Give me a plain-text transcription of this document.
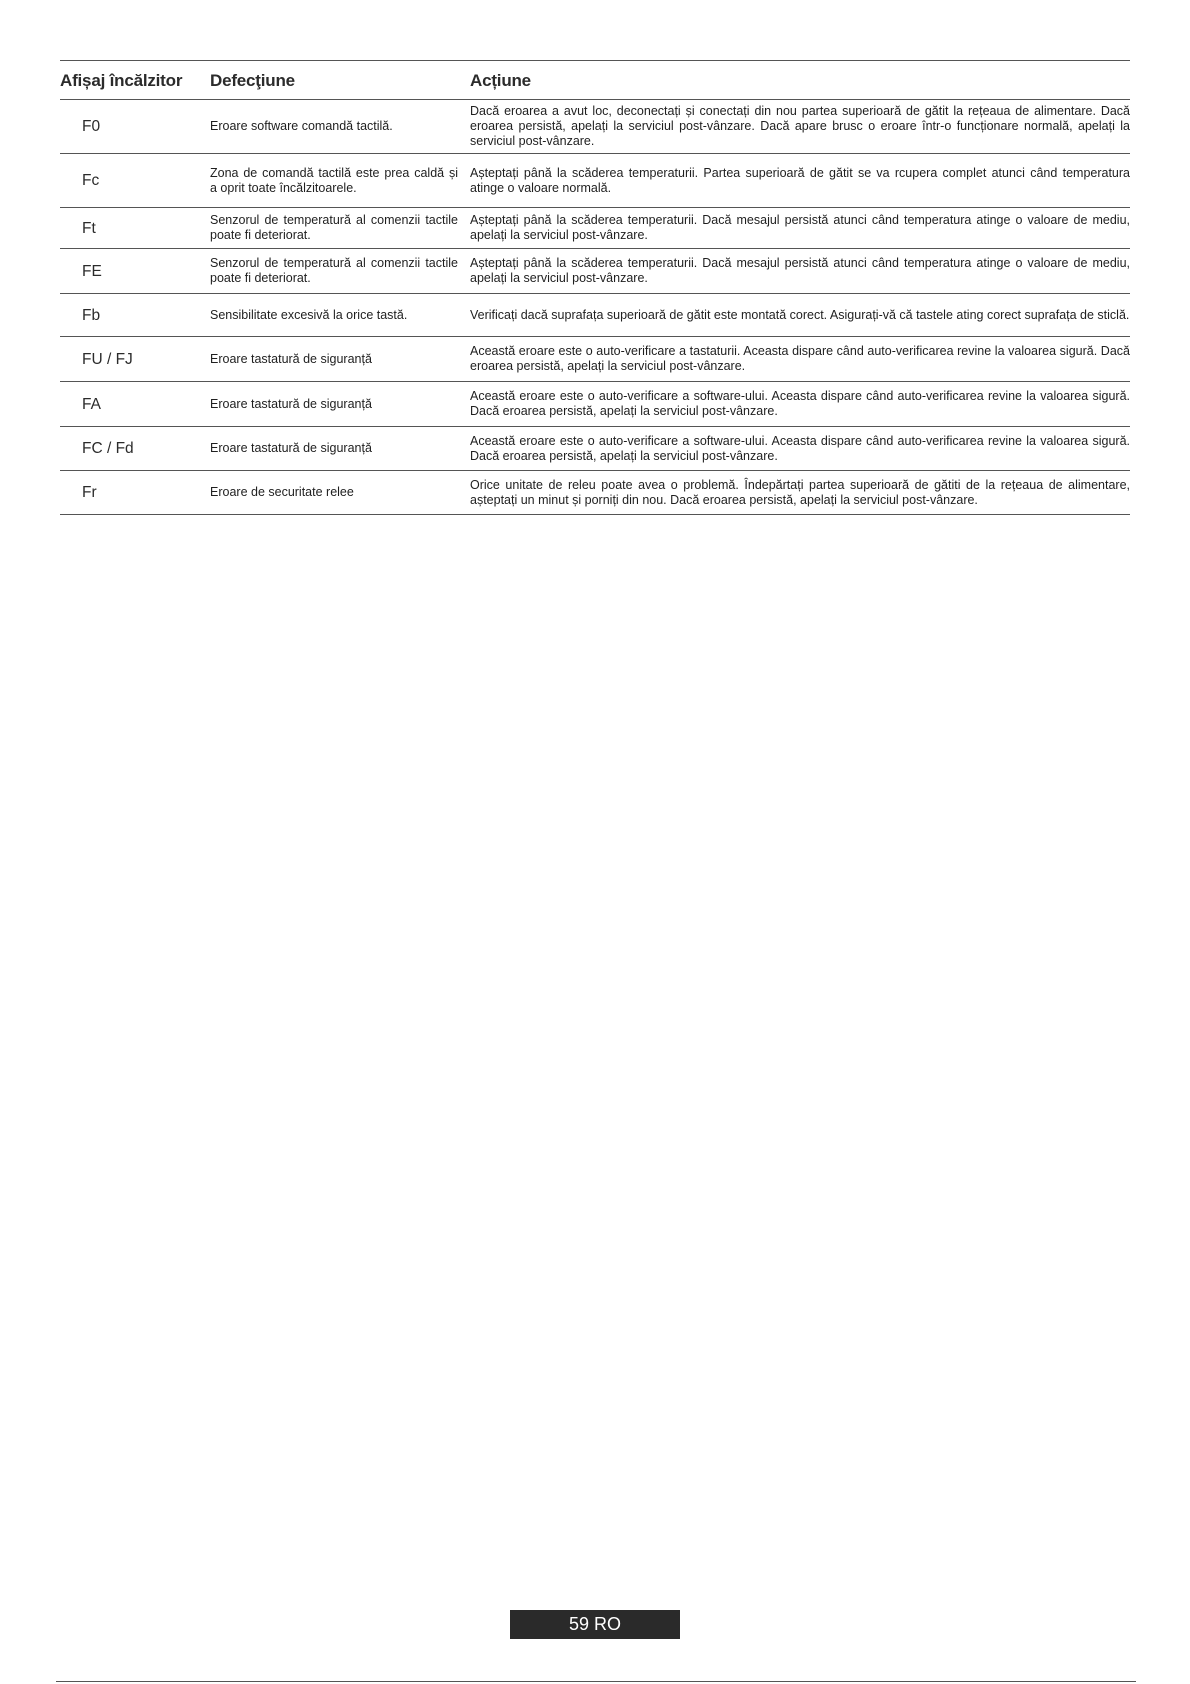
Afișaj încălzitor	Defecţiune	Acțiune
F0	Eroare software comandă tactilă.	Dacă eroarea a avut loc, deconectați și conectați din nou partea superioară de gătit la rețeaua de alimentare. Dacă eroarea persistă, apelați la serviciul post-vânzare. Dacă apare brusc o eroare într-o funcționare normală, apelați la serviciul post-vânzare.
Fc	Zona de comandă tactilă este prea caldă și a oprit toate încălzitoarele.	Așteptați până la scăderea temperaturii. Partea superioară de gătit se va rcupera complet atunci când temperatura atinge o valoare normală.
Ft	Senzorul de temperatură al comenzii tactile poate fi deteriorat.	Așteptați până la scăderea temperaturii. Dacă mesajul persistă atunci când temperatura atinge o valoare de mediu, apelați la serviciul post-vânzare.
FE	Senzorul de temperatură al comenzii tactile poate fi deteriorat.	Așteptați până la scăderea temperaturii. Dacă mesajul persistă atunci când temperatura atinge o valoare de mediu, apelați la serviciul post-vânzare.
Fb	Sensibilitate excesivă la orice tastă.	Verificați dacă suprafața superioară de gătit este montată corect. Asigurați-vă că tastele ating corect suprafața de sticlă.
FU / FJ	Eroare tastatură de siguranță	Această eroare este o auto-verificare a tastaturii. Aceasta dispare când auto-verificarea revine la valoarea sigură. Dacă eroarea persistă, apelați la serviciul post-vânzare.
FA	Eroare tastatură de siguranță	Această eroare este o auto-verificare a software-ului. Aceasta dispare când auto-verificarea revine la valoarea sigură. Dacă eroarea persistă, apelați la serviciul post-vânzare.
FC / Fd	Eroare tastatură de siguranță	Această eroare este o auto-verificare a software-ului. Aceasta dispare când auto-verificarea revine la valoarea sigură. Dacă eroarea persistă, apelați la serviciul post-vânzare.
Fr	Eroare de securitate relee	Orice unitate de releu poate avea o problemă. Îndepărtați partea superioară de gătiti de la rețeaua de alimentare, așteptați un minut și porniți din nou. Dacă eroarea persistă, apelați la serviciul post-vânzare.
59 RO
